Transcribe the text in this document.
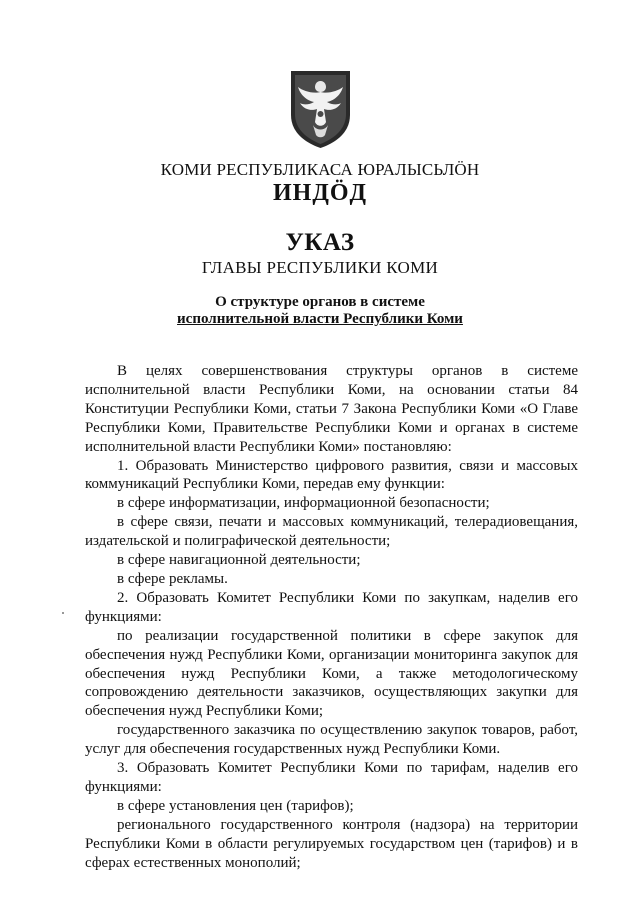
КОМИ РЕСПУБЛИКАСА ЮРАЛЫСЬЛӦН
ИНДӦД
УКАЗ
ГЛАВЫ РЕСПУБЛИКИ КОМИ
О структуре органов в системе
исполнительной власти Республики Коми

В целях совершенствования структуры органов в системе исполнительной власти Республики Коми, на основании статьи 84 Конституции Республики Коми, статьи 7 Закона Республики Коми «О Главе Республики Коми, Правительстве Республики Коми и органах в системе исполнительной власти Республики Коми» постановляю:

1. Образовать Министерство цифрового развития, связи и массовых коммуникаций Республики Коми, передав ему функции:

в сфере информатизации, информационной безопасности;

в сфере связи, печати и массовых коммуникаций, телерадиовещания, издательской и полиграфической деятельности;

в сфере навигационной деятельности;

в сфере рекламы.

2. Образовать Комитет Республики Коми по закупкам, наделив его функциями:

по реализации государственной политики в сфере закупок для обеспечения нужд Республики Коми, организации мониторинга закупок для обеспечения нужд Республики Коми, а также методологическому сопровождению деятельности заказчиков, осуществляющих закупки для обеспечения нужд Республики Коми;

государственного заказчика по осуществлению закупок товаров, работ, услуг для обеспечения государственных нужд Республики Коми.

3. Образовать Комитет Республики Коми по тарифам, наделив его функциями:

в сфере установления цен (тарифов);

регионального государственного контроля (надзора) на территории Республики Коми в области регулируемых государством цен (тарифов) и в сферах естественных монополий;
